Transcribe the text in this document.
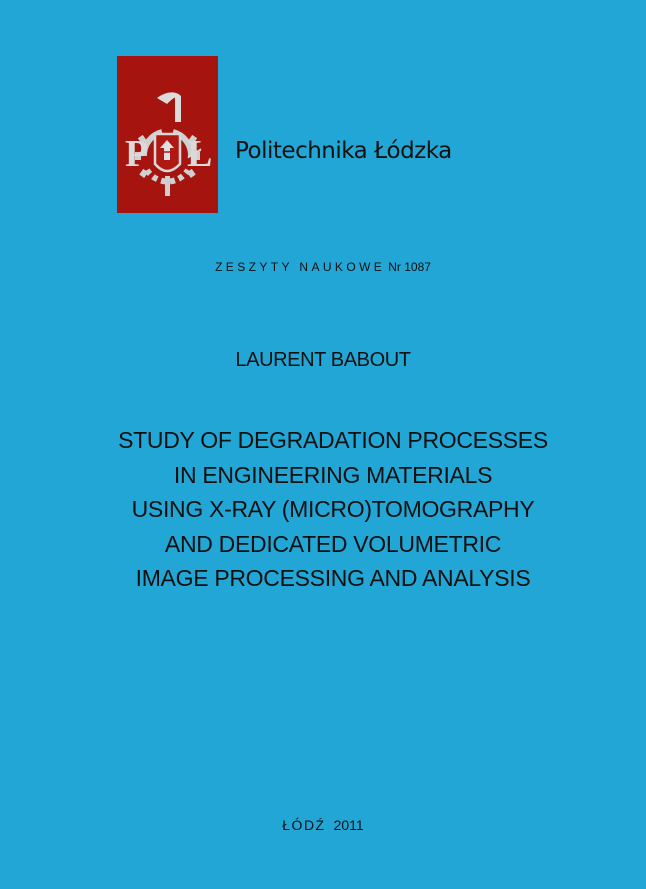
P Ł Politechnika Łódzka
ZESZYTY NAUKOWE Nr 1087
LAURENT BABOUT
STUDY OF DEGRADATION PROCESSES
IN ENGINEERING MATERIALS
USING X-RAY (MICRO)TOMOGRAPHY
AND DEDICATED VOLUMETRIC
IMAGE PROCESSING AND ANALYSIS
ŁÓDŹ 2011
